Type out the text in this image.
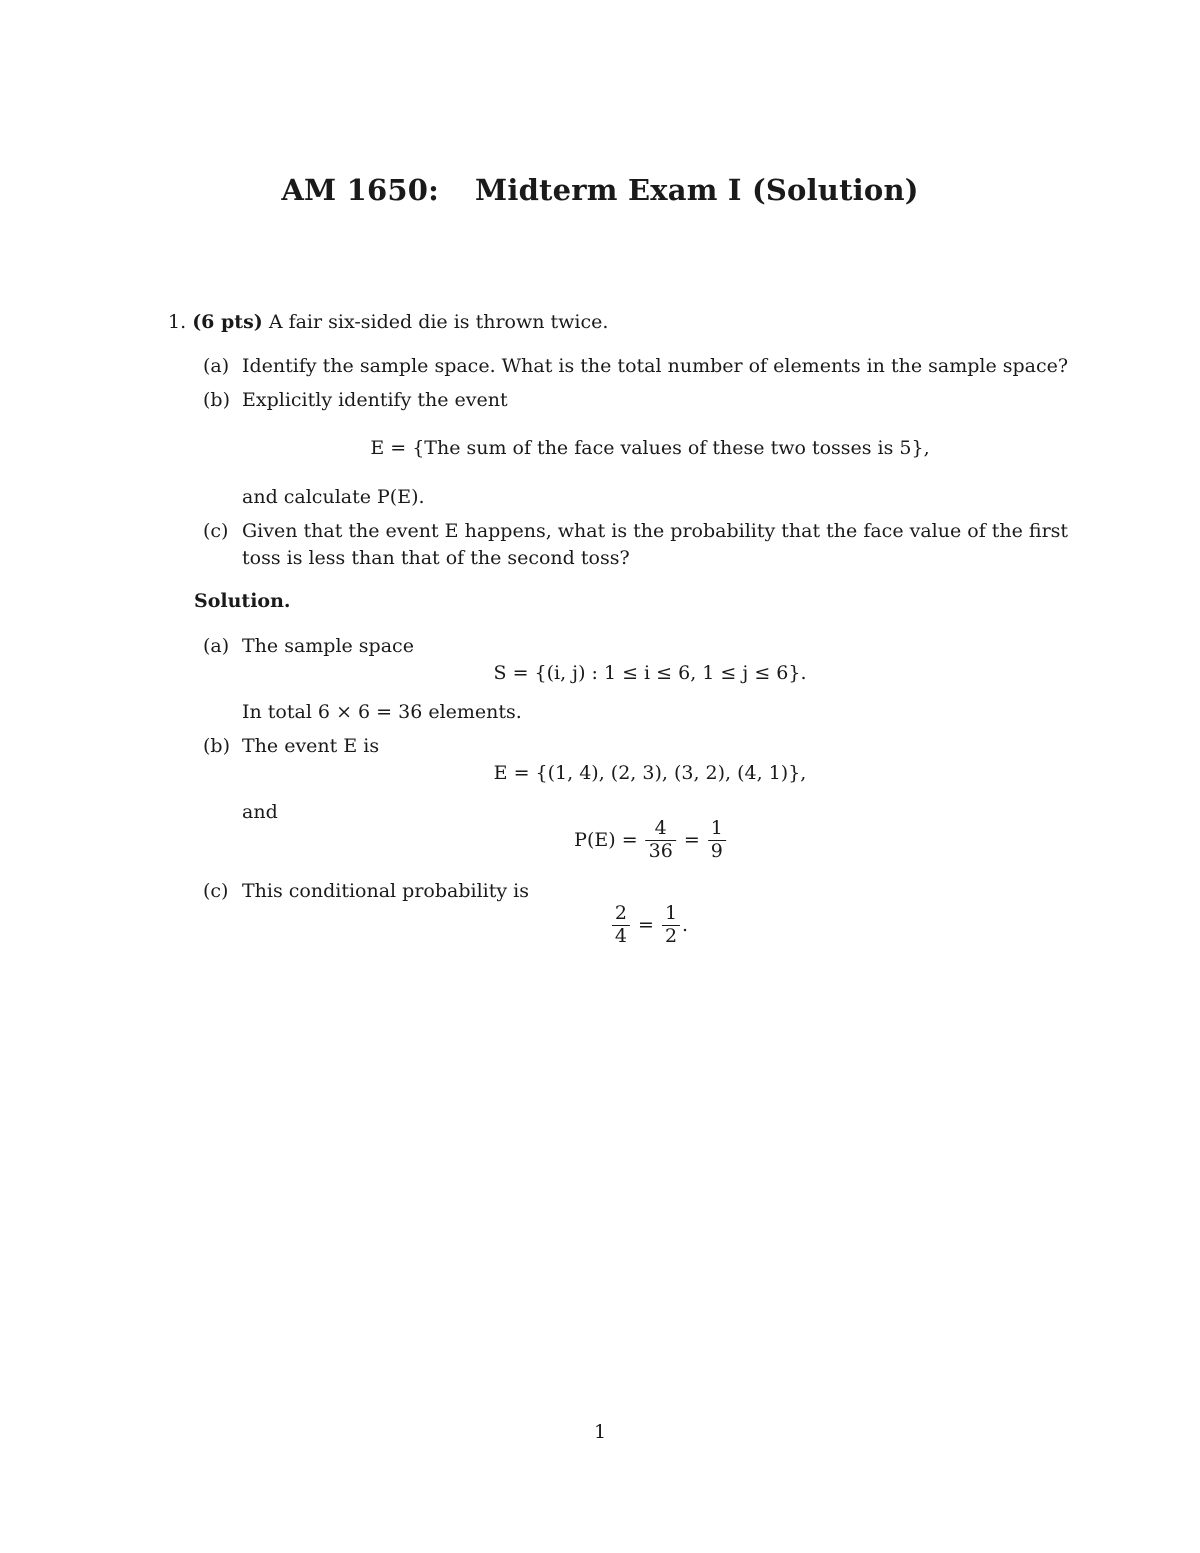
AM 1650: Midterm Exam I (Solution)
1. (6 pts) A fair six-sided die is thrown twice.
(a) Identify the sample space. What is the total number of elements in the sample space?
(b) Explicitly identify the event
E = {The sum of the face values of these two tosses is 5},
and calculate P(E).
(c) Given that the event E happens, what is the probability that the face value of the first
toss is less than that of the second toss?
Solution.
(a) The sample space
S = {(i, j) : 1 ≤ i ≤ 6, 1 ≤ j ≤ 6}.
In total 6 × 6 = 36 elements.
(b) The event E is
E = {(1, 4), (2, 3), (3, 2), (4, 1)},
and
$P(E) = \frac{4}{36} = \frac{1}{9}$
(c) This conditional probability is
$\frac{2}{4} = \frac{1}{2}$ .
1
